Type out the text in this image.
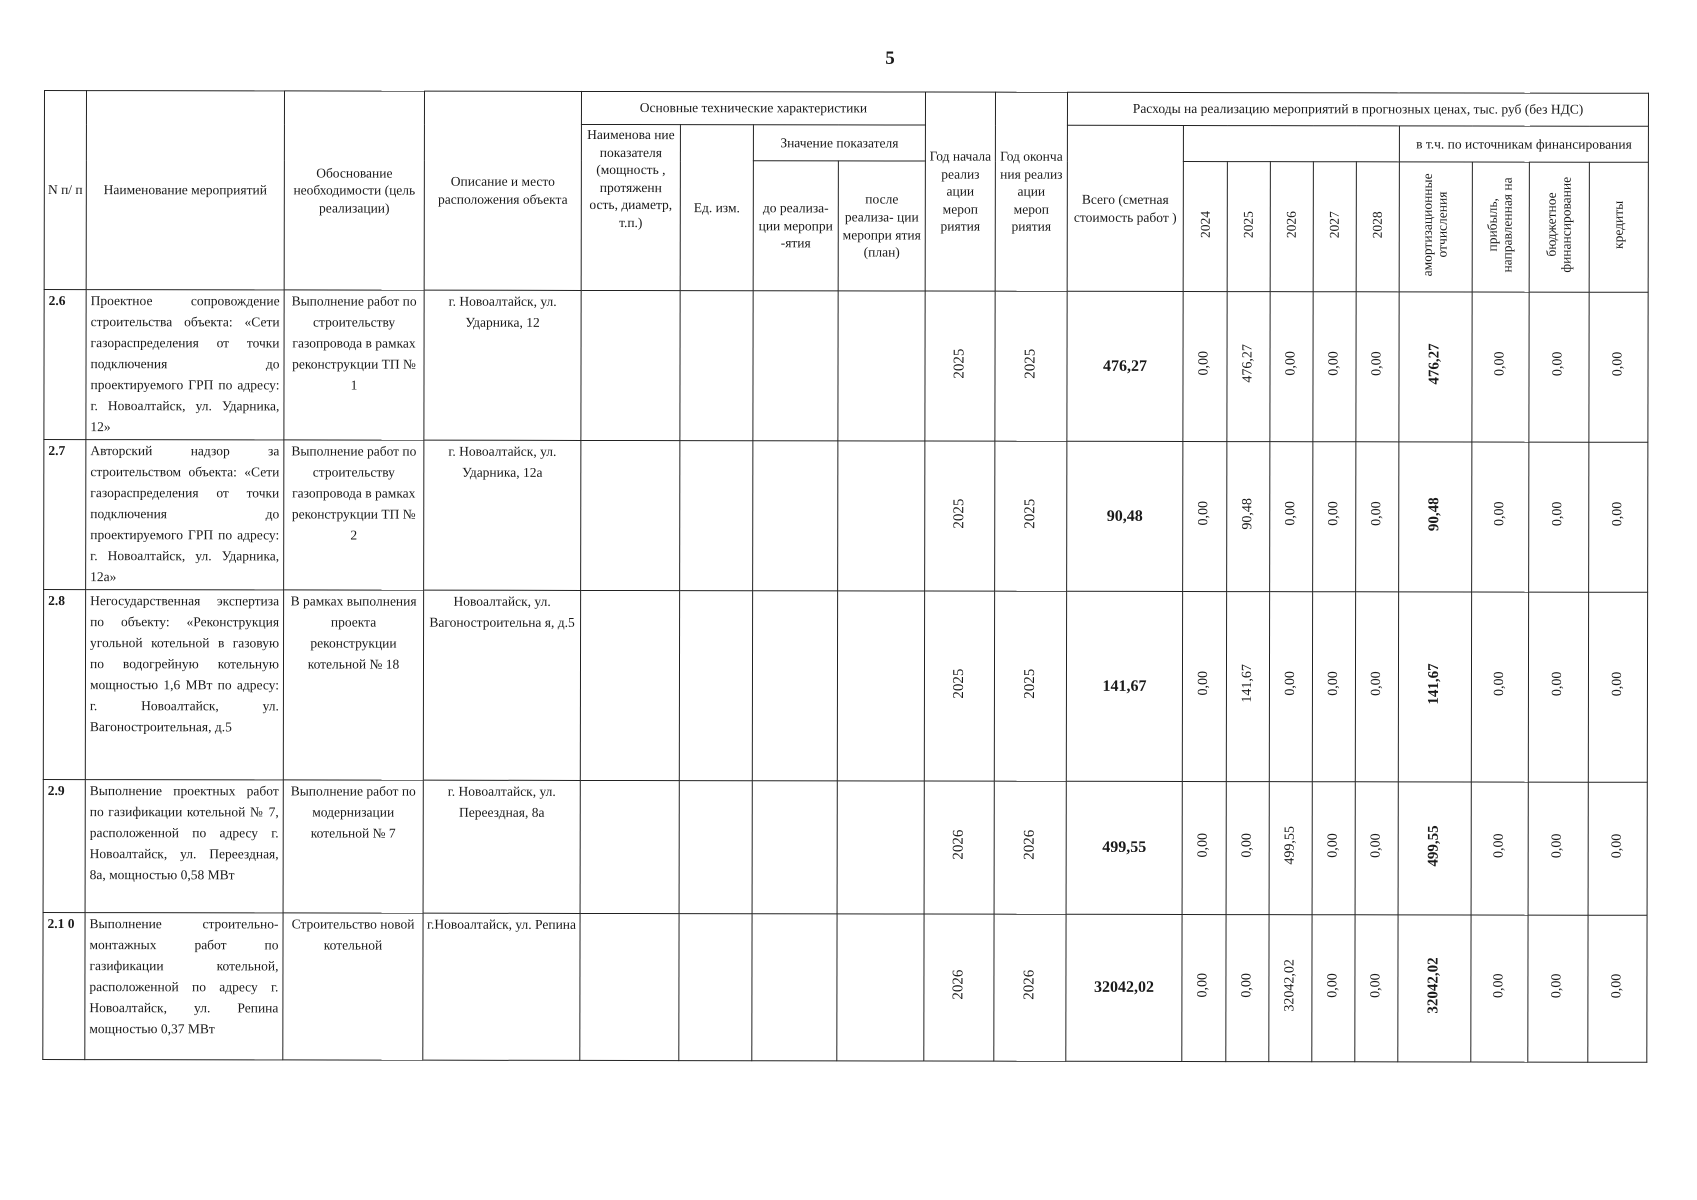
5
N п/ п	Наименование мероприятий	Обоснование необходимости (цель реализации)	Описание и место расположения объекта	Основные технические характеристики				Год начала реализ ации мероп риятия	Год оконча ния реализ ации мероп риятия	Расходы на реализацию мероприятий в прогнозных ценах, тыс. руб (без НДС)									
				Наименова ние показателя (мощность , протяженн ость, диаметр, т.п.)	Ед. изм.	Значение показателя				Всего (сметная стоимость работ )						в т.ч. по источникам финансирования			
						до реализа- ции меропри -ятия	после реализа- ции меропри ятия (план)				2024	2025	2026	2027	2028	амортизационные отчисления	прибыль, направленная на	бюджетное финансирование	кредиты
2.6	Проектное сопровождение строительства объекта: «Сети газораспределения от точки подключения до проектируемого ГРП по адресу: г. Новоалтайск, ул. Ударника, 12»	Выполнение работ по строительству газопровода в рамках реконструкции ТП № 1	г. Новоалтайск, ул. Ударника, 12					2025	2025	476,27	0,00	476,27	0,00	0,00	0,00	476,27	0,00	0,00	0,00
2.7	Авторский надзор за строительством объекта: «Сети газораспределения от точки подключения до проектируемого ГРП по адресу: г. Новоалтайск, ул. Ударника, 12а»	Выполнение работ по строительству газопровода в рамках реконструкции ТП № 2	г. Новоалтайск, ул. Ударника, 12а					2025	2025	90,48	0,00	90,48	0,00	0,00	0,00	90,48	0,00	0,00	0,00
2.8	Негосударственная экспертиза по объекту: «Реконструкция угольной котельной в газовую по водогрейную котельную мощностью 1,6 МВт по адресу: г. Новоалтайск, ул. Вагоностроительная, д.5	В рамках выполнения проекта реконструкции котельной № 18	Новоалтайск, ул. Вагоностроительна я, д.5					2025	2025	141,67	0,00	141,67	0,00	0,00	0,00	141,67	0,00	0,00	0,00
2.9	Выполнение проектных работ по газификации котельной № 7, расположенной по адресу г. Новоалтайск, ул. Переездная, 8а, мощностью 0,58 МВт	Выполнение работ по модернизации котельной № 7	г. Новоалтайск, ул. Переездная, 8а					2026	2026	499,55	0,00	0,00	499,55	0,00	0,00	499,55	0,00	0,00	0,00
2.1 0	Выполнение строительно-монтажных работ по газификации котельной, расположенной по адресу г. Новоалтайск, ул. Репина мощностью 0,37 МВт	Строительство новой котельной	г.Новоалтайск, ул. Репина					2026	2026	32042,02	0,00	0,00	32042,02	0,00	0,00	32042,02	0,00	0,00	0,00
